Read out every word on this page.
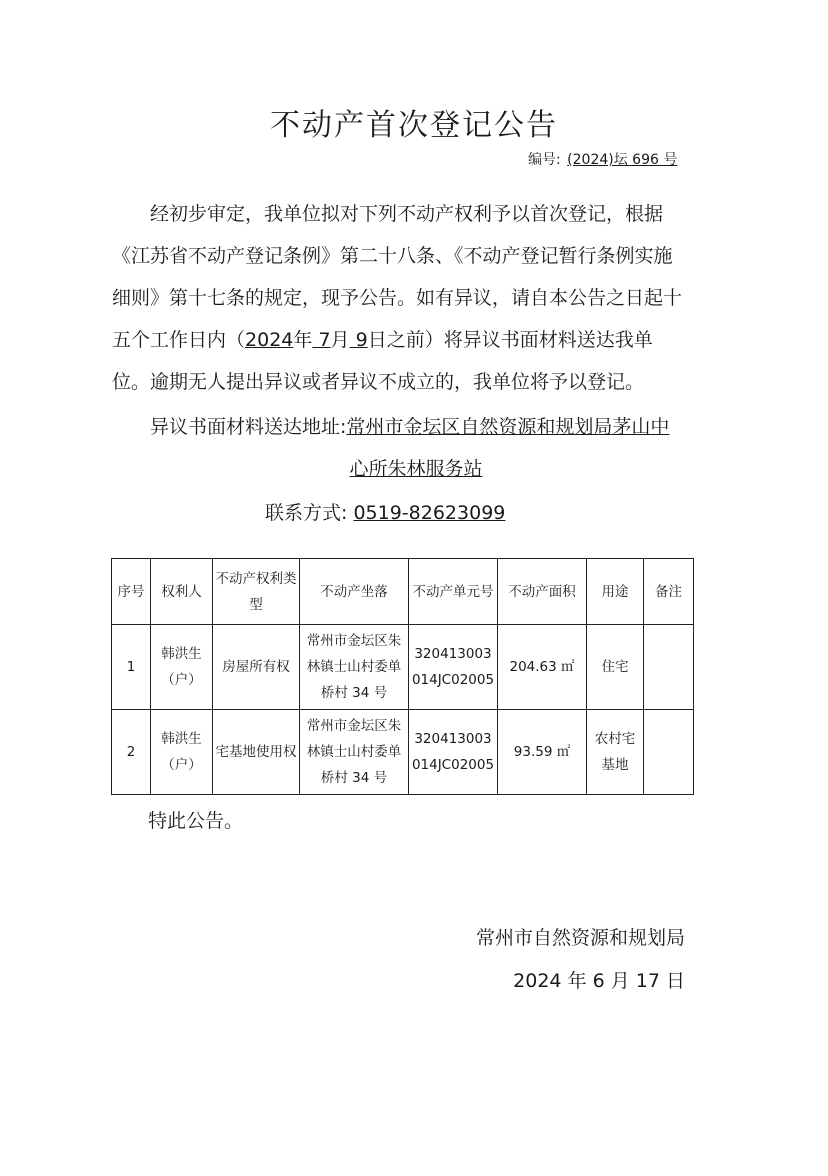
不动产首次登记公告
编号: (2024)坛 696 号
经初步审定，我单位拟对下列不动产权利予以首次登记，根据《江苏省不动产登记条例》第二十八条、《不动产登记暂行条例实施细则》第十七条的规定，现予公告。如有异议，请自本公告之日起十五个工作日内（2024年 7月 9日之前）将异议书面材料送达我单位。逾期无人提出异议或者异议不成立的，我单位将予以登记。
异议书面材料送达地址:常州市金坛区自然资源和规划局茅山中
心所朱林服务站
联系方式: 0519-82623099
序号	权利人	不动产权利类型	不动产坐落	不动产单元号	不动产面积	用途	备注
1	韩洪生（户）	房屋所有权	常州市金坛区朱林镇士山村委单桥村 34 号	320413003014JC02005	204.63 ㎡	住宅	
2	韩洪生（户）	宅基地使用权	常州市金坛区朱林镇士山村委单桥村 34 号	320413003014JC02005	93.59 ㎡	农村宅基地	
特此公告。
常州市自然资源和规划局
2024 年 6 月 17 日
